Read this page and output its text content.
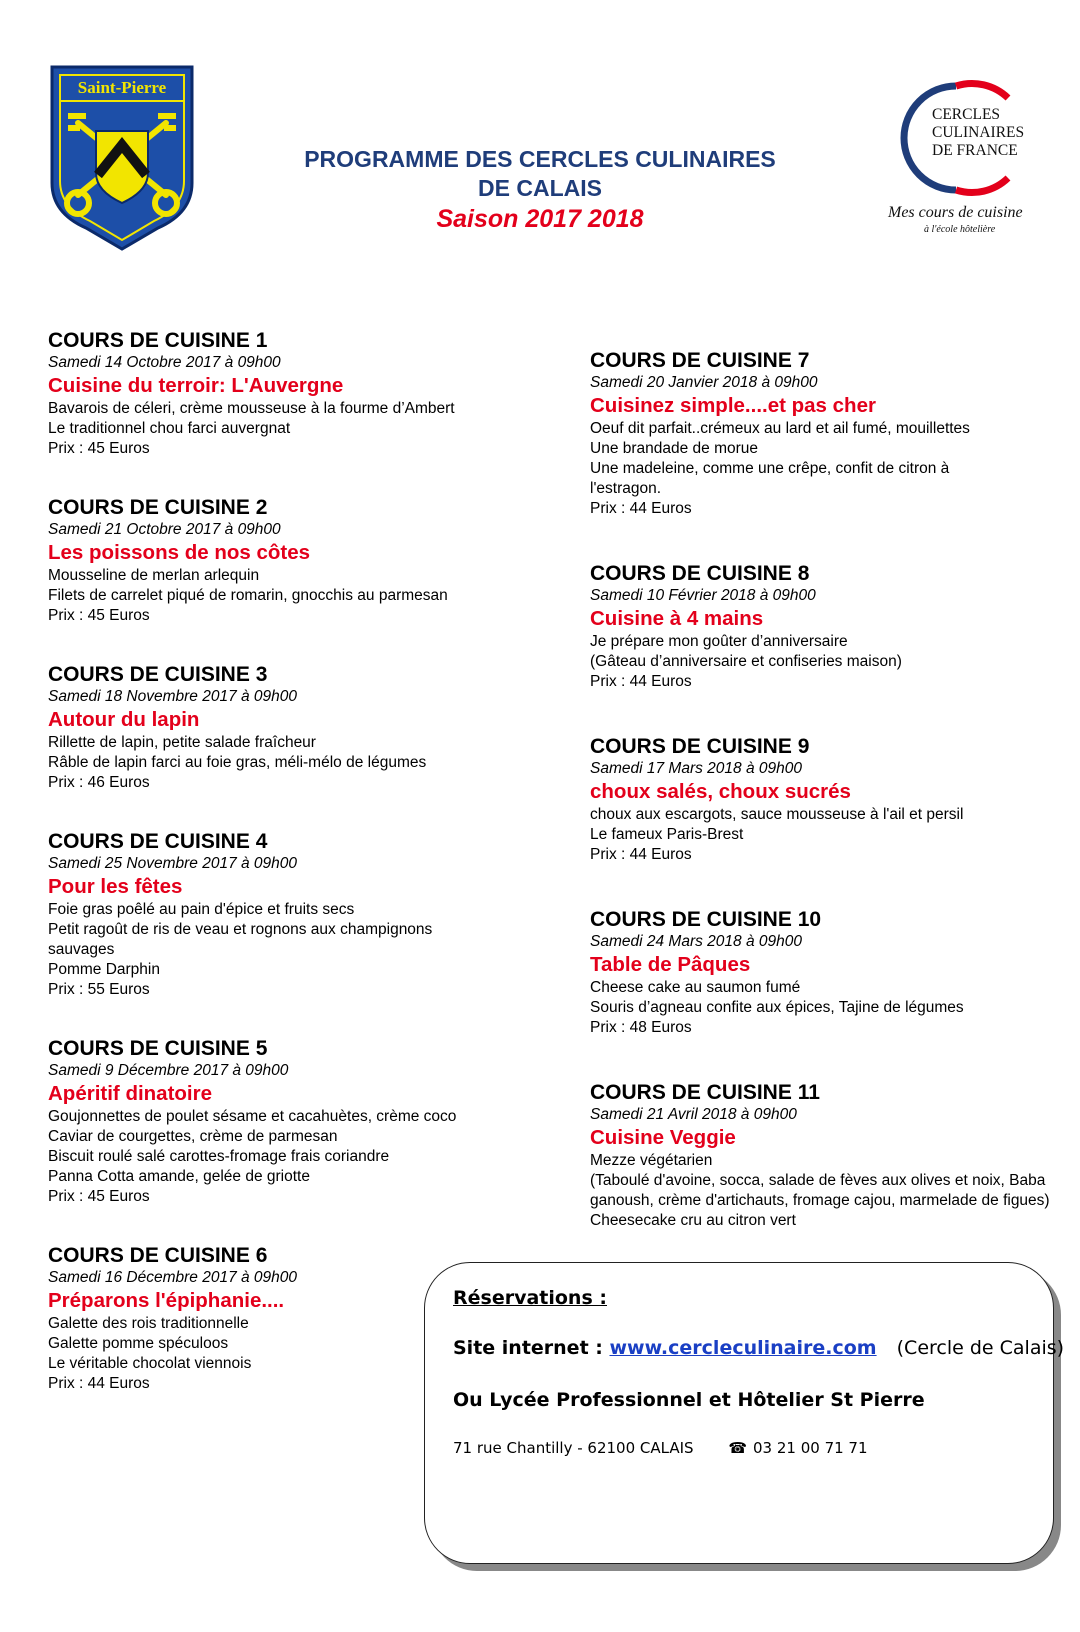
Saint-Pierre
PROGRAMME DES CERCLES CULINAIRES
DE CALAIS
Saison 2017 2018
CERCLES
CULINAIRES
DE FRANCE
Mes cours de cuisine
à l'école hôtelière
COURS DE CUISINE 1
Samedi 14 Octobre 2017 à 09h00
Cuisine du terroir: L'Auvergne
Bavarois de céleri, crème mousseuse à la fourme d’Ambert
Le traditionnel chou farci auvergnat
Prix : 45 Euros
COURS DE CUISINE 2
Samedi 21 Octobre 2017 à 09h00
Les poissons de nos côtes
Mousseline de merlan arlequin
Filets de carrelet piqué de romarin, gnocchis au parmesan
Prix : 45 Euros
COURS DE CUISINE 3
Samedi 18 Novembre 2017 à 09h00
Autour du lapin
Rillette de lapin, petite salade fraîcheur
Râble de lapin farci au foie gras, méli-mélo de légumes
Prix : 46 Euros
COURS DE CUISINE 4
Samedi 25 Novembre 2017 à 09h00
Pour les fêtes
Foie gras poêlé au pain d'épice et fruits secs
Petit ragoût de ris de veau et rognons aux champignons sauvages
Pomme Darphin
Prix : 55 Euros
COURS DE CUISINE 5
Samedi 9 Décembre 2017 à 09h00
Apéritif dinatoire
Goujonnettes de poulet sésame et cacahuètes, crème coco
Caviar de courgettes, crème de parmesan
Biscuit roulé salé carottes-fromage frais coriandre
Panna Cotta amande, gelée de griotte
Prix : 45 Euros
COURS DE CUISINE 6
Samedi 16 Décembre 2017 à 09h00
Préparons l'épiphanie....
Galette des rois traditionnelle
Galette pomme spéculoos
Le véritable chocolat viennois
Prix : 44 Euros
COURS DE CUISINE 7
Samedi 20 Janvier 2018 à 09h00
Cuisinez simple....et pas cher
Oeuf dit parfait..crémeux au lard et ail fumé, mouillettes
Une brandade de morue
Une madeleine, comme une crêpe, confit de citron à l'estragon.
Prix : 44 Euros
COURS DE CUISINE 8
Samedi 10 Février 2018 à 09h00
Cuisine à 4 mains
Je prépare mon goûter d’anniversaire
(Gâteau d’anniversaire et confiseries maison)
Prix : 44 Euros
COURS DE CUISINE 9
Samedi 17 Mars 2018 à 09h00
choux salés, choux sucrés
choux aux escargots, sauce mousseuse à l'ail et persil
Le fameux Paris-Brest
Prix : 44 Euros
COURS DE CUISINE 10
Samedi 24 Mars 2018 à 09h00
Table de Pâques
Cheese cake au saumon fumé
Souris d’agneau confite aux épices, Tajine de légumes
Prix : 48 Euros
COURS DE CUISINE 11
Samedi 21 Avril 2018 à 09h00
Cuisine Veggie
Mezze végétarien
(Taboulé d'avoine, socca, salade de fèves aux olives et noix, Baba ganoush, crème d'artichauts, fromage cajou, marmelade de figues)
Cheesecake cru au citron vert
Réservations :
Site internet : www.cercleculinaire.com (Cercle de Calais)
Ou Lycée Professionnel et Hôtelier St Pierre
71 rue Chantilly - 62100 CALAIS ☎ 03 21 00 71 71
